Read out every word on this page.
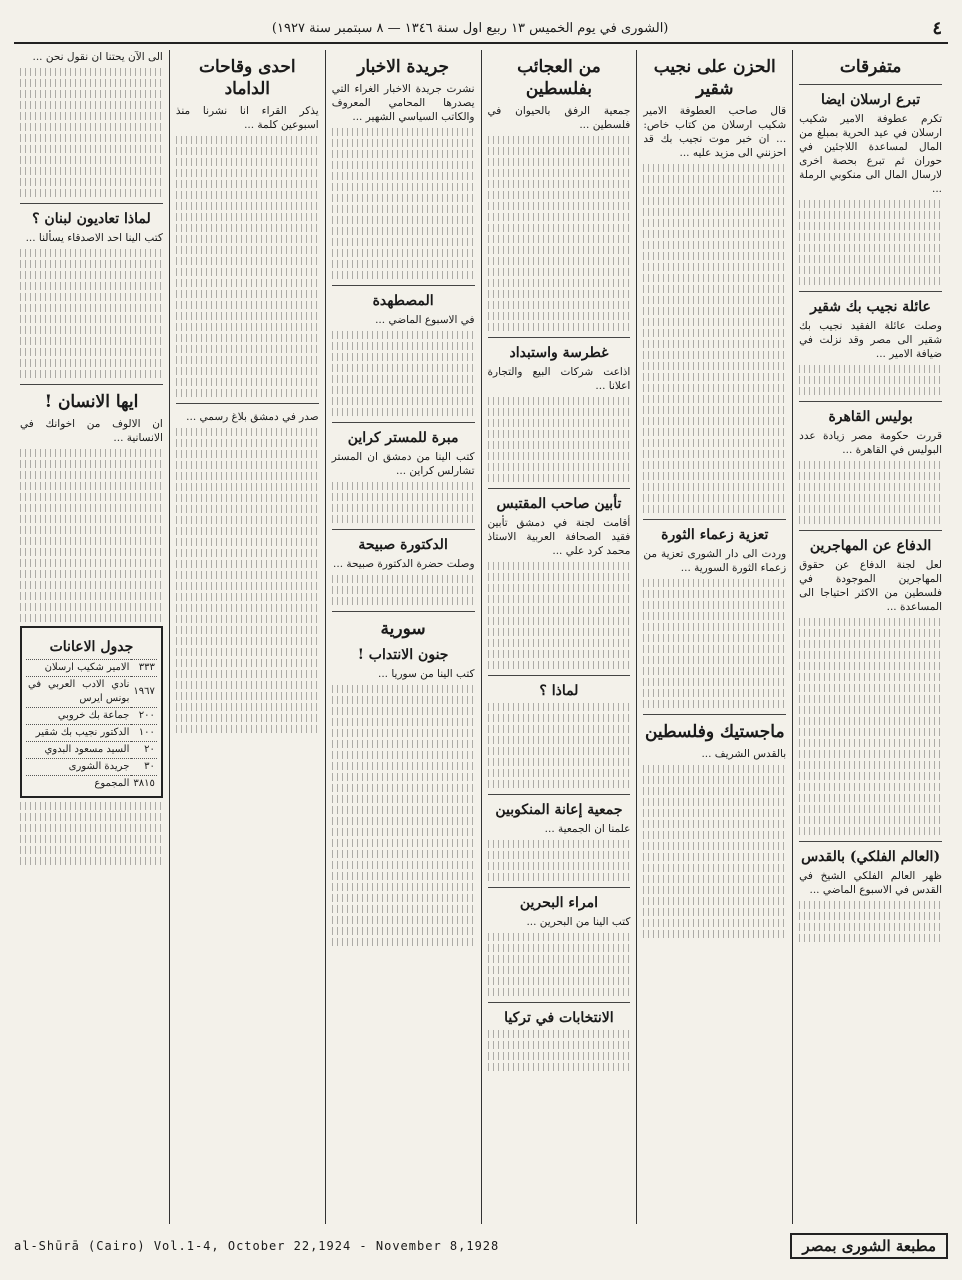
٤
(الشورى في يوم الخميس ١٣ ربيع اول سنة ١٣٤٦ — ٨ سبتمبر سنة ١٩٢٧)
متفرقات
تبرع ارسلان ايضا

تكرم عطوفة الامير شكيب ارسلان في عيد الحرية بمبلغ من المال لمساعدة اللاجئين في حوران ثم تبرع بحصة اخرى لارسال المال الى منكوبي الرملة ...

عائلة نجيب بك شقير

وصلت عائلة الفقيد نجيب بك شقير الى مصر وقد نزلت في ضيافة الامير ...

بوليس القاهرة

قررت حكومة مصر زيادة عدد البوليس في القاهرة ...

الدفاع عن المهاجرين

لعل لجنة الدفاع عن حقوق المهاجرين الموجودة في فلسطين من الاكثر احتياجا الى المساعدة ...

(العالم الفلكي) بالقدس

ظهر العالم الفلكي الشيخ في القدس في الاسبوع الماضي ...

الحزن على نجيب شقير

قال صاحب العطوفة الامير شكيب ارسلان من كتاب خاص: ... ان خبر موت نجيب بك قد احزنني الى مزيد عليه ...

تعزية زعماء الثورة

وردت الى دار الشورى تعزية من زعماء الثورة السورية ...

ماجستيك وفلسطين

بالقدس الشريف ...

من العجائب بفلسطين

جمعية الرفق بالحيوان في فلسطين ...

غطرسة واستبداد

اذاعت شركات البيع والتجارة اعلانا ...

تأبين صاحب المقتبس

أقامت لجنة في دمشق تأبين فقيد الصحافة العربية الاستاذ محمد كرد علي ...

لماذا ؟
جمعية إعانة المنكوبين

علمنا ان الجمعية ...

امراء البحرين

كتب الينا من البحرين ...

الانتخابات في تركيا
جريدة الاخبار

نشرت جريدة الاخبار الغراء التي يصدرها المحامي المعروف والكاتب السياسي الشهير ...

المصطهدة

في الاسبوع الماضي ...

مبرة للمستر كراين

كتب الينا من دمشق ان المستر تشارلس كراين ...

الدكتورة صبيحة

وصلت حضرة الدكتورة صبيحة ...

سورية
جنون الانتداب !

كتب الينا من سوريا ...

احدى وقاحات الداماد

يذكر القراء انا نشرنا منذ اسبوعين كلمة ...

صدر في دمشق بلاغ رسمي ...

الى الآن يحتنا ان نقول نحن ...

لماذا تعاديون لبنان ؟

كتب الينا احد الاصدقاء يسألنا ...

ايها الانسان !

ان الالوف من اخوانك في الانسانية ...

جدول الاعانات
٣٣٣	الامير شكيب ارسلان
١٩٦٧	نادي الادب العربي في بونس ايرس
٢٠٠	جماعة بك خروبي
١٠٠	الدكتور نجيب بك شقير
٢٠	السيد مسعود البدوي
٣٠	جريدة الشورى
٣٨١٥	المجموع
al-Shūrā (Cairo) Vol.1-4, October 22,1924 - November 8,1928	مطبعة الشورى بمصر
